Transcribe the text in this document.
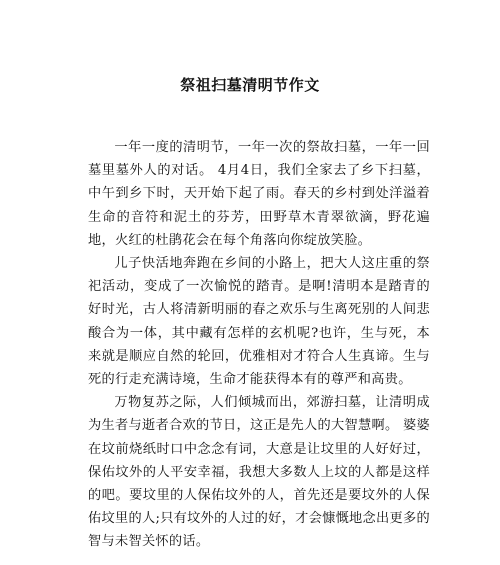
祭祖扫墓清明节作文

一年一度的清明节，一年一次的祭故扫墓，一年一回墓里墓外人的对话。 4月4日，我们全家去了乡下扫墓，中午到乡下时，天开始下起了雨。春天的乡村到处洋溢着生命的音符和泥土的芬芳，田野草木青翠欲滴，野花遍地，火红的杜鹃花会在每个角落向你绽放笑脸。

儿子快活地奔跑在乡间的小路上，把大人这庄重的祭祀活动，变成了一次愉悦的踏青。是啊!清明本是踏青的好时光，古人将清新明丽的春之欢乐与生离死别的人间悲酸合为一体，其中藏有怎样的玄机呢?也许，生与死，本来就是顺应自然的轮回，优雅相对才符合人生真谛。生与死的行走充满诗境，生命才能获得本有的尊严和高贵。

万物复苏之际，人们倾城而出，郊游扫墓，让清明成为生者与逝者合欢的节日，这正是先人的大智慧啊。 婆婆在坟前烧纸时口中念念有词，大意是让坟里的人好好过，保佑坟外的人平安幸福，我想大多数人上坟的人都是这样的吧。要坟里的人保佑坟外的人，首先还是要坟外的人保佑坟里的人;只有坟外的人过的好，才会慷慨地念出更多的智与未智关怀的话。
